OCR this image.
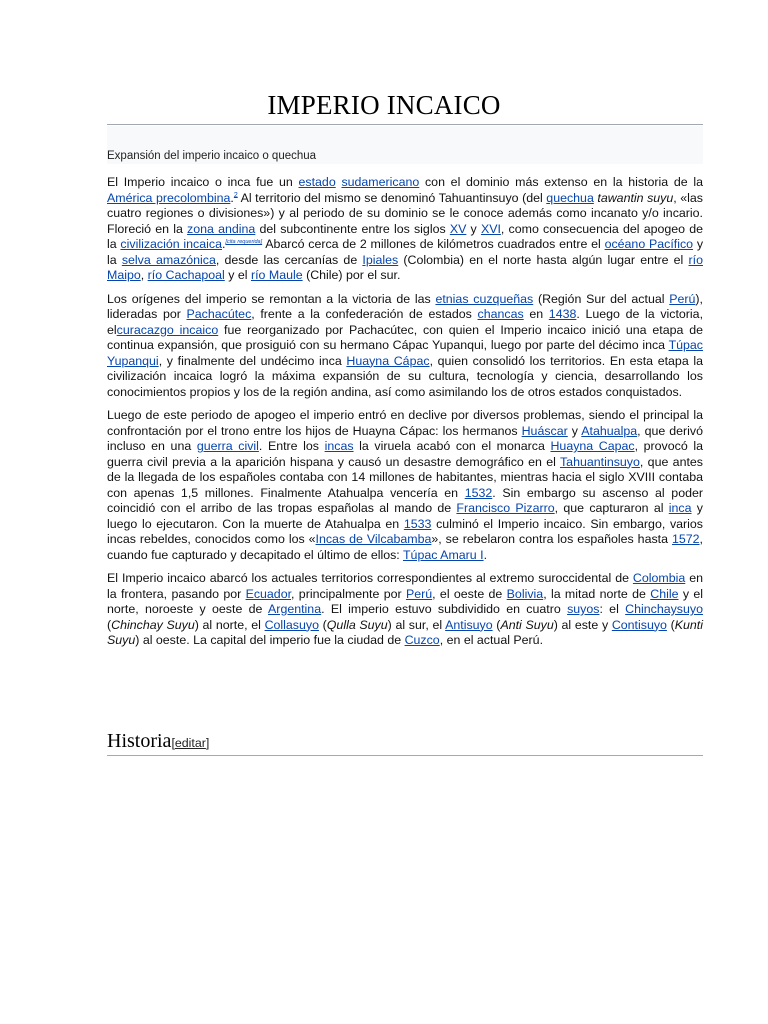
IMPERIO INCAICO
Expansión del imperio incaico o quechua

El Imperio incaico o inca fue un estado sudamericano con el dominio más extenso en la historia de la América precolombina.$^2$ Al territorio del mismo se denominó Tahuantinsuyo (del quechua tawantin suyu, «las cuatro regiones o divisiones») y al periodo de su dominio se le conoce además como incanato y/o incario. Floreció en la zona andina del subcontinente entre los siglos XV y XVI, como consecuencia del apogeo de la civilización incaica.[cita requerida] Abarcó cerca de 2 millones de kilómetros cuadrados entre el océano Pacífico y la selva amazónica, desde las cercanías de Ipiales (Colombia) en el norte hasta algún lugar entre el río Maipo, río Cachapoal y el río Maule (Chile) por el sur.

Los orígenes del imperio se remontan a la victoria de las etnias cuzqueñas (Región Sur del actual Perú), lideradas por Pachacútec, frente a la confederación de estados chancas en 1438. Luego de la victoria, elcuracazgo incaico fue reorganizado por Pachacútec, con quien el Imperio incaico inició una etapa de continua expansión, que prosiguió con su hermano Cápac Yupanqui, luego por parte del décimo inca Túpac Yupanqui, y finalmente del undécimo inca Huayna Cápac, quien consolidó los territorios. En esta etapa la civilización incaica logró la máxima expansión de su cultura, tecnología y ciencia, desarrollando los conocimientos propios y los de la región andina, así como asimilando los de otros estados conquistados.

Luego de este periodo de apogeo el imperio entró en declive por diversos problemas, siendo el principal la confrontación por el trono entre los hijos de Huayna Cápac: los hermanos Huáscar y Atahualpa, que derivó incluso en una guerra civil. Entre los incas la viruela acabó con el monarca Huayna Capac, provocó la guerra civil previa a la aparición hispana y causó un desastre demográfico en el Tahuantinsuyo, que antes de la llegada de los españoles contaba con 14 millones de habitantes, mientras hacia el siglo XVIII contaba con apenas 1,5 millones. Finalmente Atahualpa vencería en 1532. Sin embargo su ascenso al poder coincidió con el arribo de las tropas españolas al mando de Francisco Pizarro, que capturaron al inca y luego lo ejecutaron. Con la muerte de Atahualpa en 1533 culminó el Imperio incaico. Sin embargo, varios incas rebeldes, conocidos como los «Incas de Vilcabamba», se rebelaron contra los españoles hasta 1572, cuando fue capturado y decapitado el último de ellos: Túpac Amaru I.

El Imperio incaico abarcó los actuales territorios correspondientes al extremo suroccidental de Colombia en la frontera, pasando por Ecuador, principalmente por Perú, el oeste de Bolivia, la mitad norte de Chile y el norte, noroeste y oeste de Argentina. El imperio estuvo subdividido en cuatro suyos: el Chinchaysuyo (Chinchay Suyu) al norte, el Collasuyo (Qulla Suyu) al sur, el Antisuyo (Anti Suyu) al este y Contisuyo (Kunti Suyu) al oeste. La capital del imperio fue la ciudad de Cuzco, en el actual Perú.

Historia[editar]
